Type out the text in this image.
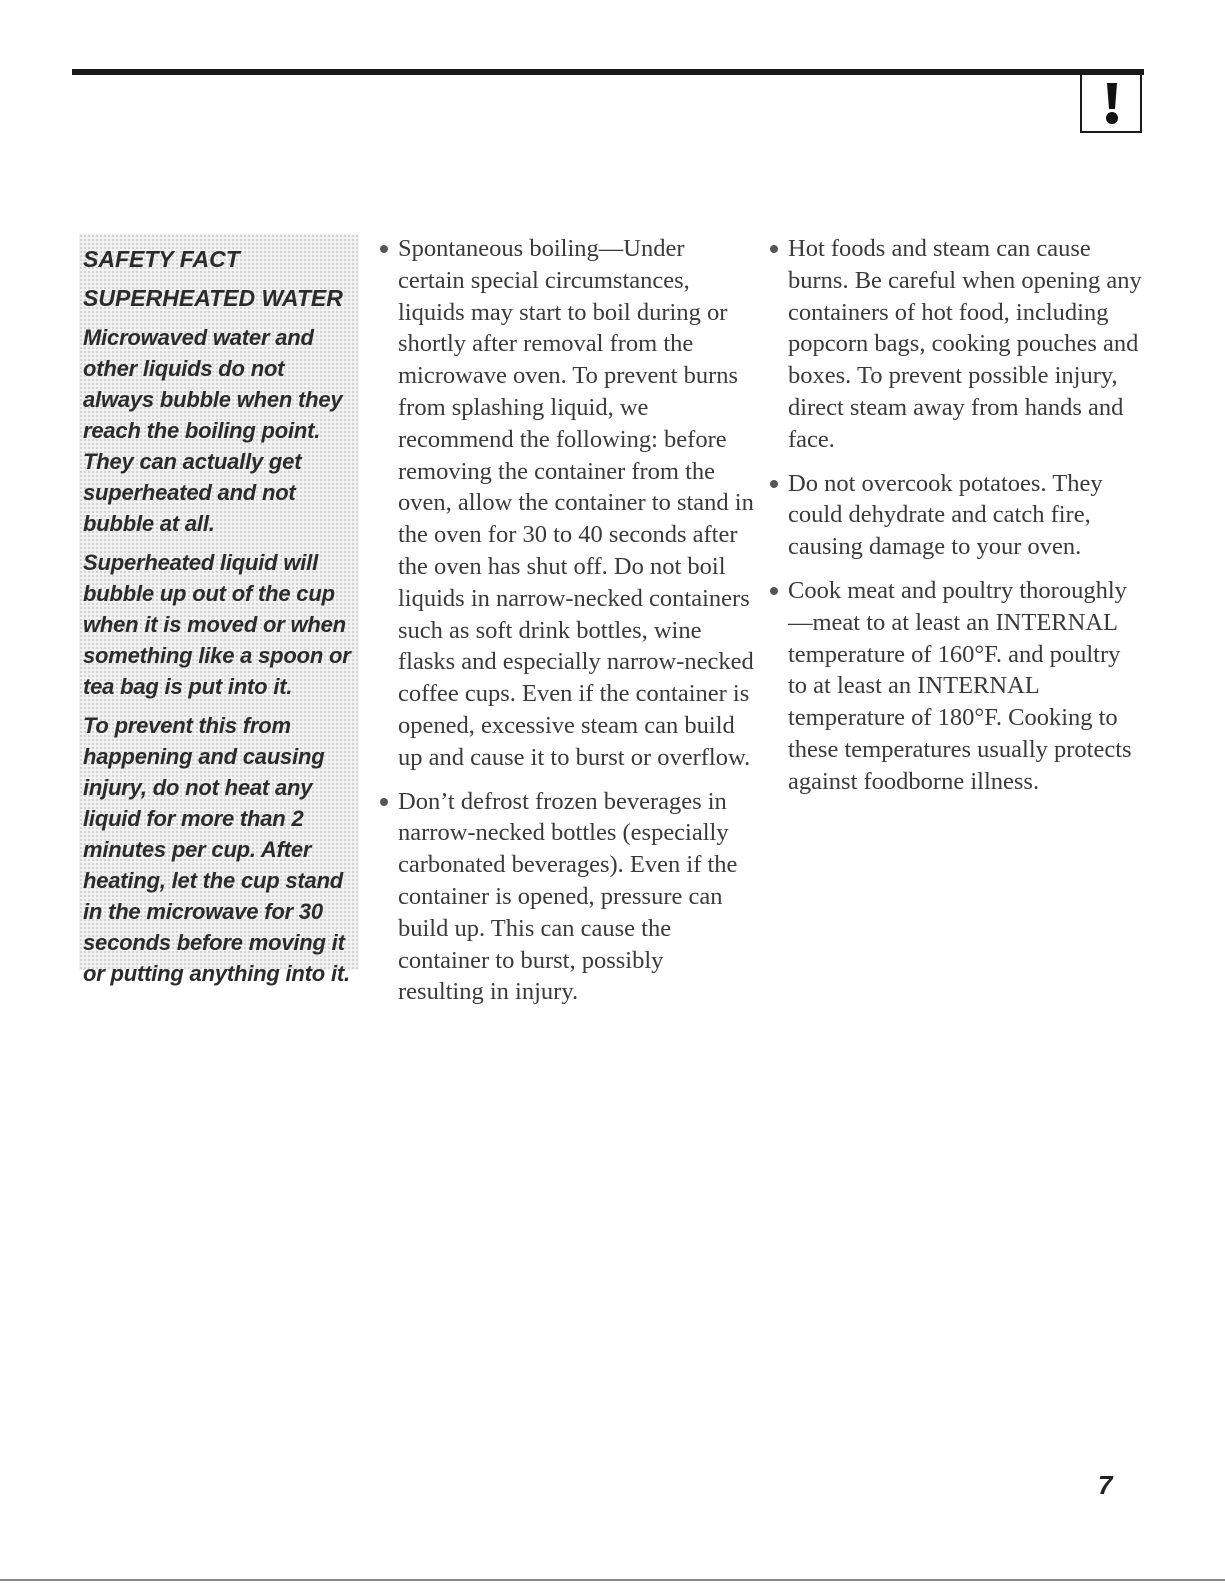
SAFETY FACT
SUPERHEATED WATER

Microwaved water and other liquids do not always bubble when they reach the boiling point. They can actually get superheated and not bubble at all.

Superheated liquid will bubble up out of the cup when it is moved or when something like a spoon or tea bag is put into it.

To prevent this from happening and causing injury, do not heat any liquid for more than 2 minutes per cup. After heating, let the cup stand in the microwave for 30 seconds before moving it or putting anything into it.

Spontaneous boiling—Under certain special circumstances, liquids may start to boil during or shortly after removal from the microwave oven. To prevent burns from splashing liquid, we recommend the following: before removing the container from the oven, allow the container to stand in the oven for 30 to 40 seconds after the oven has shut off. Do not boil liquids in narrow-necked containers such as soft drink bottles, wine flasks and especially narrow-necked coffee cups. Even if the container is opened, excessive steam can build up and cause it to burst or overflow.
Don’t defrost frozen beverages in narrow-necked bottles (especially carbonated beverages). Even if the container is opened, pressure can build up. This can cause the container to burst, possibly resulting in injury.
Hot foods and steam can cause burns. Be careful when opening any containers of hot food, including popcorn bags, cooking pouches and boxes. To prevent possible injury, direct steam away from hands and face.
Do not overcook potatoes. They could dehydrate and catch fire, causing damage to your oven.
Cook meat and poultry thoroughly—meat to at least an INTERNAL temperature of 160°F. and poultry to at least an INTERNAL temperature of 180°F. Cooking to these temperatures usually protects against foodborne illness.
7
